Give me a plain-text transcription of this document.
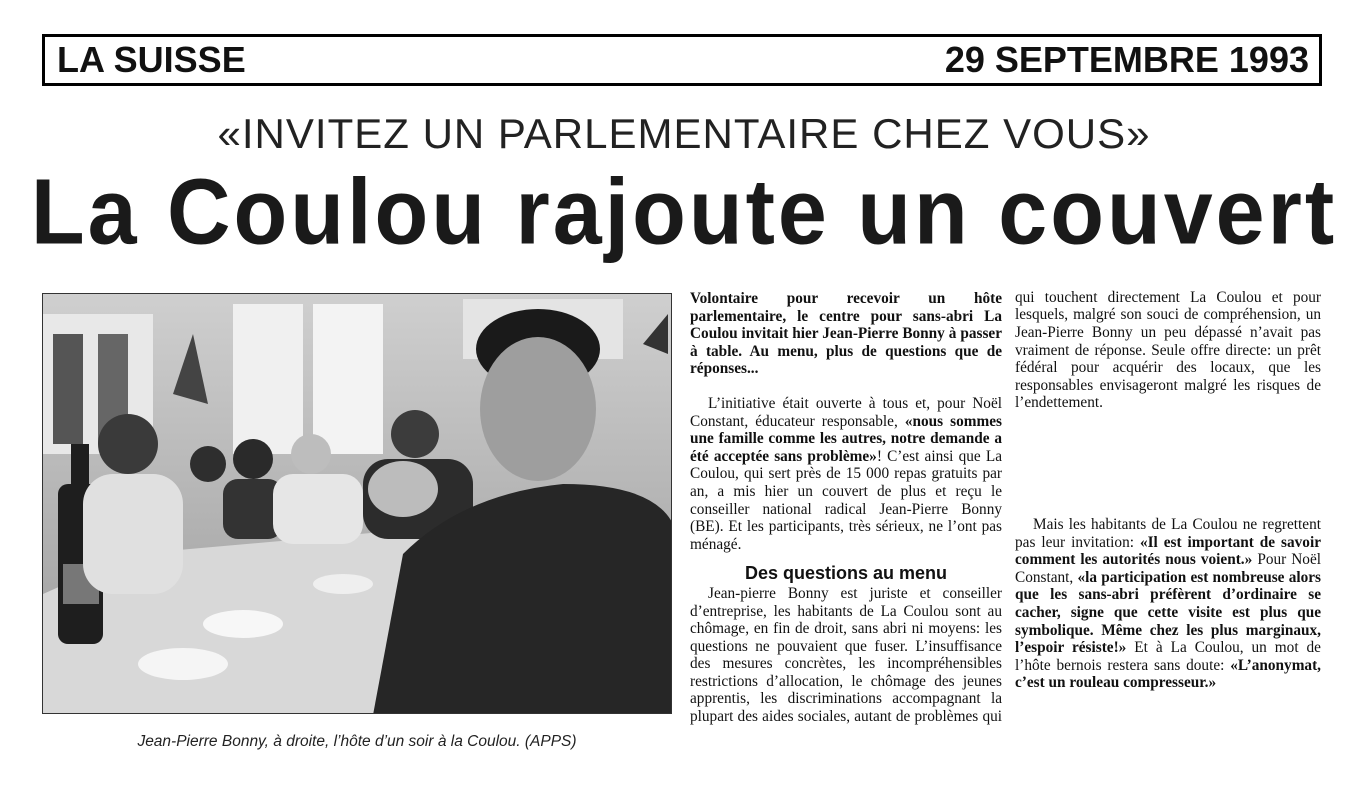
LA SUISSE	29 SEPTEMBRE 1993
«INVITEZ UN PARLEMENTAIRE CHEZ VOUS»
La Coulou rajoute un couvert
Jean-Pierre Bonny, à droite, l’hôte d’un soir à la Coulou. (APPS)

Volontaire pour recevoir un hôte parlementaire, le centre pour sans-abri La Coulou invitait hier Jean-Pierre Bonny à passer à table. Au menu, plus de questions que de réponses...

L’initiative était ouverte à tous et, pour Noël Constant, éducateur responsable, «nous sommes une famille comme les autres, notre demande a été acceptée sans problème»! C’est ainsi que La Coulou, qui sert près de 15 000 repas gratuits par an, a mis hier un couvert de plus et reçu le conseiller national radical Jean-Pierre Bonny (BE). Et les participants, très sérieux, ne l’ont pas ménagé.

Des questions au menu

Jean-pierre Bonny est juriste et conseiller d’entreprise, les habitants de La Coulou sont au chômage, en fin de droit, sans abri ni moyens: les questions ne pouvaient que fuser. L’insuffisance des mesures concrètes, les incompréhensibles restrictions d’allocation, le chômage des jeunes apprentis, les discriminations accompagnant la plupart des aides sociales, autant de problèmes qui

qui touchent directement La Coulou et pour lesquels, malgré son souci de compréhension, un Jean-Pierre Bonny un peu dépassé n’avait pas vraiment de réponse. Seule offre directe: un prêt fédéral pour acquérir des locaux, que les responsables envisageront malgré les risques de l’endettement.

Mais les habitants de La Coulou ne regrettent pas leur invitation: «Il est important de savoir comment les autorités nous voient.» Pour Noël Constant, «la participation est nombreuse alors que les sans-abri préfèrent d’ordinaire se cacher, signe que cette visite est plus que symbolique. Même chez les plus marginaux, l’espoir résiste!» Et à La Coulou, un mot de l’hôte bernois restera sans doute: «L’anonymat, c’est un rouleau compresseur.»
